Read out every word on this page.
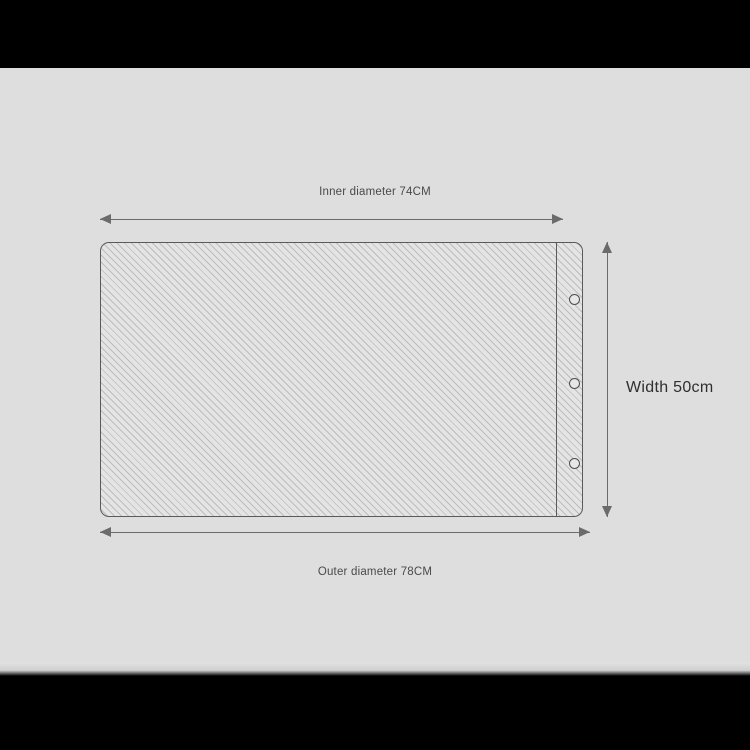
Inner diameter 74CM
Width 50cm
Outer diameter 78CM
